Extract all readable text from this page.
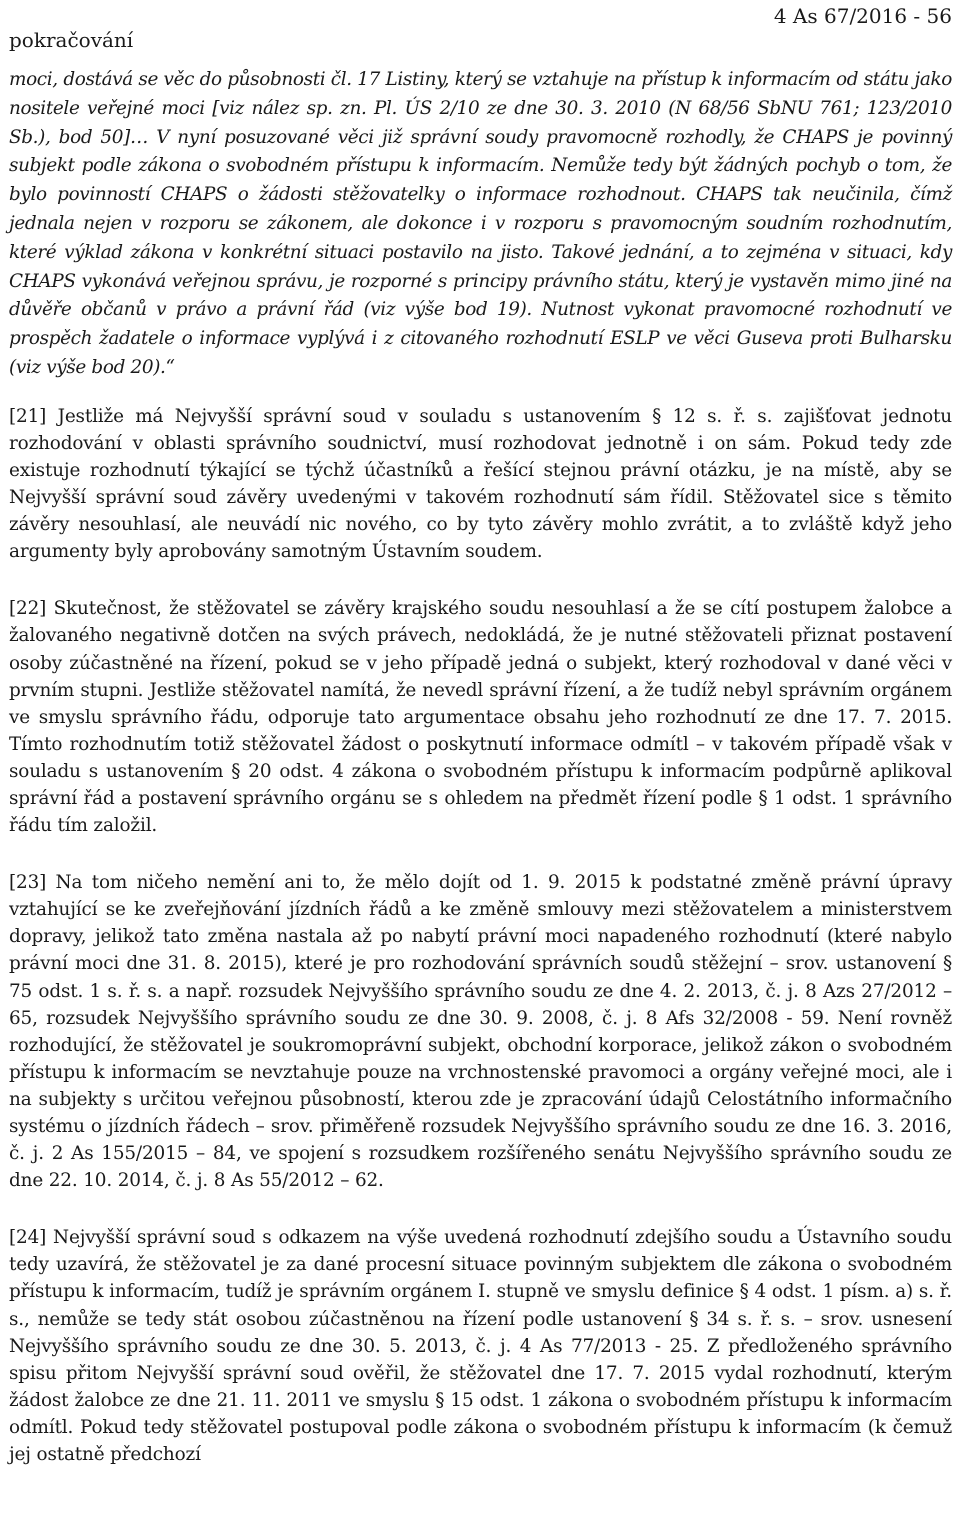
pokračování
4 As 67/2016 - 56

moci, dostává se věc do působnosti čl. 17 Listiny, který se vztahuje na přístup k informacím od státu jako nositele veřejné moci [viz nález sp. zn. Pl. ÚS 2/10 ze dne 30. 3. 2010 (N 68/56 SbNU 761; 123/2010 Sb.), bod 50]… V nyní posuzované věci již správní soudy pravomocně rozhodly, že CHAPS je povinný subjekt podle zákona o svobodném přístupu k informacím. Nemůže tedy být žádných pochyb o tom, že bylo povinností CHAPS o žádosti stěžovatelky o informace rozhodnout. CHAPS tak neučinila, čímž jednala nejen v rozporu se zákonem, ale dokonce i v rozporu s pravomocným soudním rozhodnutím, které výklad zákona v konkrétní situaci postavilo na jisto. Takové jednání, a to zejména v situaci, kdy CHAPS vykonává veřejnou správu, je rozporné s principy právního státu, který je vystavěn mimo jiné na důvěře občanů v právo a právní řád (viz výše bod 19). Nutnost vykonat pravomocné rozhodnutí ve prospěch žadatele o informace vyplývá i z citovaného rozhodnutí ESLP ve věci Guseva proti Bulharsku (viz výše bod 20).“

[21] Jestliže má Nejvyšší správní soud v souladu s ustanovením § 12 s. ř. s. zajišťovat jednotu rozhodování v oblasti správního soudnictví, musí rozhodovat jednotně i on sám. Pokud tedy zde existuje rozhodnutí týkající se týchž účastníků a řešící stejnou právní otázku, je na místě, aby se Nejvyšší správní soud závěry uvedenými v takovém rozhodnutí sám řídil. Stěžovatel sice s těmito závěry nesouhlasí, ale neuvádí nic nového, co by tyto závěry mohlo zvrátit, a to zvláště když jeho argumenty byly aprobovány samotným Ústavním soudem.

[22] Skutečnost, že stěžovatel se závěry krajského soudu nesouhlasí a že se cítí postupem žalobce a žalovaného negativně dotčen na svých právech, nedokládá, že je nutné stěžovateli přiznat postavení osoby zúčastněné na řízení, pokud se v jeho případě jedná o subjekt, který rozhodoval v dané věci v prvním stupni. Jestliže stěžovatel namítá, že nevedl správní řízení, a že tudíž nebyl správním orgánem ve smyslu správního řádu, odporuje tato argumentace obsahu jeho rozhodnutí ze dne 17. 7. 2015. Tímto rozhodnutím totiž stěžovatel žádost o poskytnutí informace odmítl – v takovém případě však v souladu s ustanovením § 20 odst. 4 zákona o svobodném přístupu k informacím podpůrně aplikoval správní řád a postavení správního orgánu se s ohledem na předmět řízení podle § 1 odst. 1 správního řádu tím založil.

[23] Na tom ničeho nemění ani to, že mělo dojít od 1. 9. 2015 k podstatné změně právní úpravy vztahující se ke zveřejňování jízdních řádů a ke změně smlouvy mezi stěžovatelem a ministerstvem dopravy, jelikož tato změna nastala až po nabytí právní moci napadeného rozhodnutí (které nabylo právní moci dne 31. 8. 2015), které je pro rozhodování správních soudů stěžejní – srov. ustanovení § 75 odst. 1 s. ř. s. a např. rozsudek Nejvyššího správního soudu ze dne 4. 2. 2013, č. j. 8 Azs 27/2012 – 65, rozsudek Nejvyššího správního soudu ze dne 30. 9. 2008, č. j. 8 Afs 32/2008 - 59. Není rovněž rozhodující, že stěžovatel je soukromoprávní subjekt, obchodní korporace, jelikož zákon o svobodném přístupu k informacím se nevztahuje pouze na vrchnostenské pravomoci a orgány veřejné moci, ale i na subjekty s určitou veřejnou působností, kterou zde je zpracování údajů Celostátního informačního systému o jízdních řádech – srov. přiměřeně rozsudek Nejvyššího správního soudu ze dne 16. 3. 2016, č. j. 2 As 155/2015 – 84, ve spojení s rozsudkem rozšířeného senátu Nejvyššího správního soudu ze dne 22. 10. 2014, č. j. 8 As 55/2012 – 62.

[24] Nejvyšší správní soud s odkazem na výše uvedená rozhodnutí zdejšího soudu a Ústavního soudu tedy uzavírá, že stěžovatel je za dané procesní situace povinným subjektem dle zákona o svobodném přístupu k informacím, tudíž je správním orgánem I. stupně ve smyslu definice § 4 odst. 1 písm. a) s. ř. s., nemůže se tedy stát osobou zúčastněnou na řízení podle ustanovení § 34 s. ř. s. – srov. usnesení Nejvyššího správního soudu ze dne 30. 5. 2013, č. j. 4 As 77/2013 - 25. Z předloženého správního spisu přitom Nejvyšší správní soud ověřil, že stěžovatel dne 17. 7. 2015 vydal rozhodnutí, kterým žádost žalobce ze dne 21. 11. 2011 ve smyslu § 15 odst. 1 zákona o svobodném přístupu k informacím odmítl. Pokud tedy stěžovatel postupoval podle zákona o svobodném přístupu k informacím (k čemuž jej ostatně předchozí
